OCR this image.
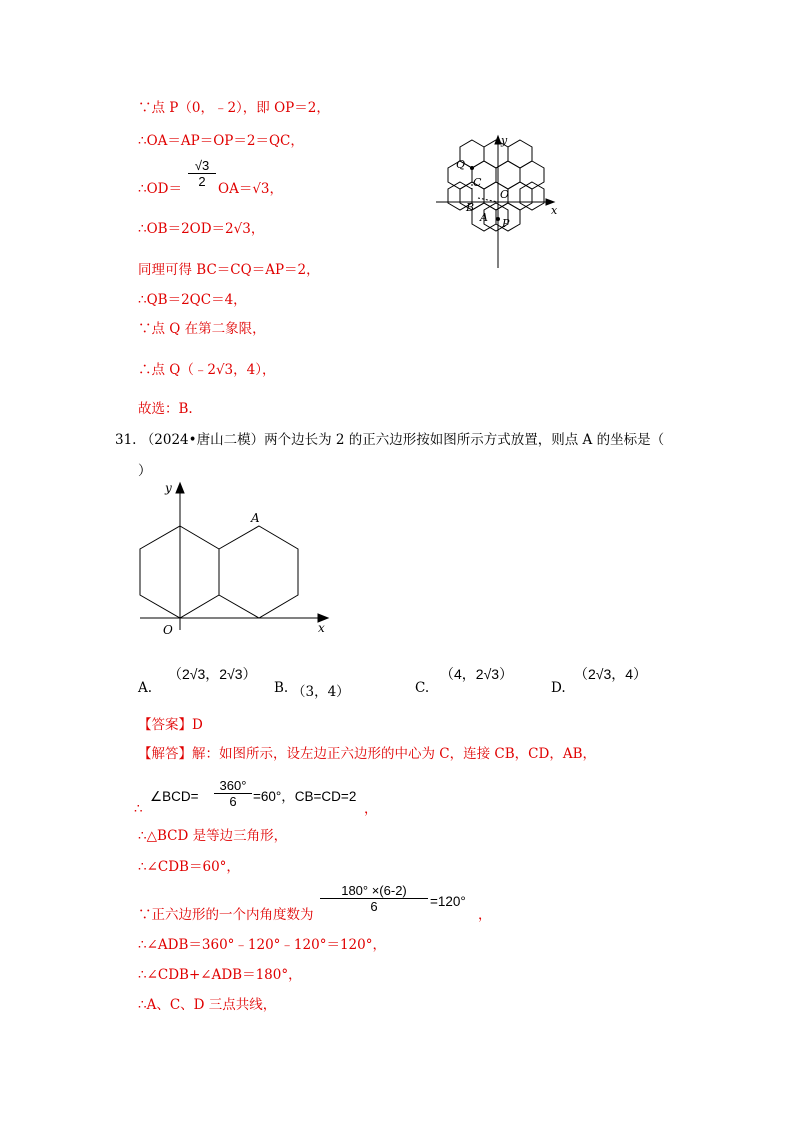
∵点 P（0，﹣2），即 OP＝2，
∴OA＝AP＝OP＝2＝QC，
∴OD＝ $\frac{√3}{2} OA=√3$，
∴OB＝2OD＝2√3，
同理可得 BC＝CQ＝AP＝2，
∴QB＝2QC＝4，
∵点 Q 在第二象限，
∴点 Q（﹣2√3，4），
故选：B.
y
x
Q
C
O
B
A P
31. （2024•唐山二模）两个边长为 2 的正六边形按如图所示方式放置，则点 A 的坐标是（
）
y
x
O
A
A.
（2√3，2√3）
B. （3，4）	C.
（4，2√3）
D.
（2√3，4）
【答案】D
【解答】解：如图所示，设左边正六边形的中心为 C，连接 CB，CD，AB，
∴
∠BCD= $\frac{360^\circ}{6} =60^\circ$，CB=CD=2
，
∴△BCD 是等边三角形，
∴∠CDB＝60°，
∵正六边形的一个内角度数为
$\frac{180^\circ \times(6-2)}{6} =120^\circ$
，
∴∠ADB＝360°﹣120°﹣120°＝120°，
∴∠CDB+∠ADB＝180°，
∴A、C、D 三点共线，
